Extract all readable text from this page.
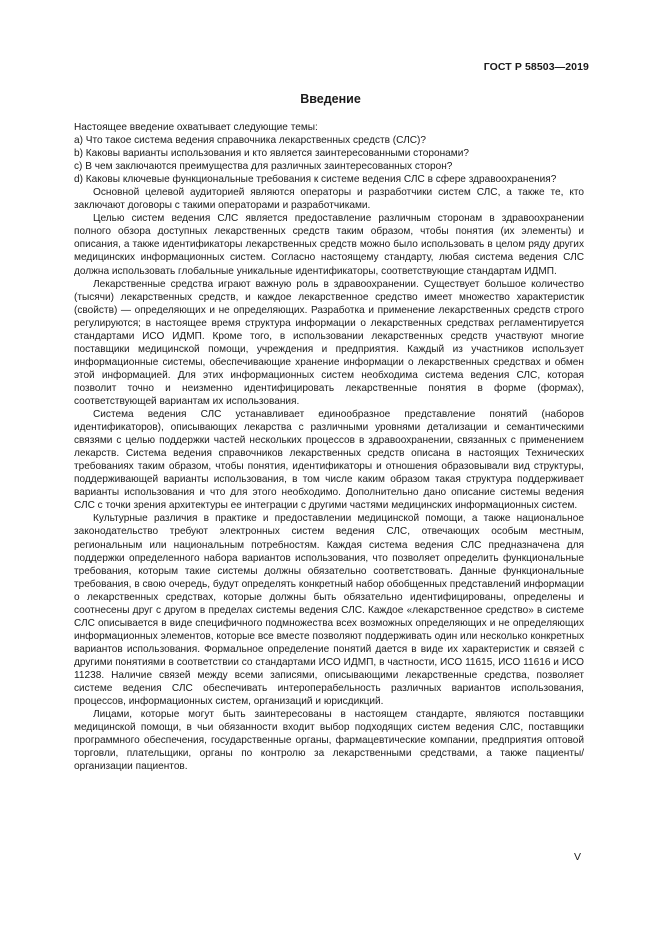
ГОСТ Р 58503—2019
Введение

Настоящее введение охватывает следующие темы:

a) Что такое система ведения справочника лекарственных средств (СЛС)?

b) Каковы варианты использования и кто является заинтересованными сторонами?

c) В чем заключаются преимущества для различных заинтересованных сторон?

d) Каковы ключевые функциональные требования к системе ведения СЛС в сфере здравоохранения?

Основной целевой аудиторией являются операторы и разработчики систем СЛС, а также те, кто заключают договоры с такими операторами и разработчиками.

Целью систем ведения СЛС является предоставление различным сторонам в здравоохранении полного обзора доступных лекарственных средств таким образом, чтобы понятия (их элементы) и описания, а также идентификаторы лекарственных средств можно было использовать в целом ряду других медицинских информационных систем. Согласно настоящему стандарту, любая система ведения СЛС должна использовать глобальные уникальные идентификаторы, соответствующие стандартам ИДМП.

Лекарственные средства играют важную роль в здравоохранении. Существует большое количество (тысячи) лекарственных средств, и каждое лекарственное средство имеет множество характеристик (свойств) — определяющих и не определяющих. Разработка и применение лекарственных средств строго регулируются; в настоящее время структура информации о лекарственных средствах регламентируется стандартами ИСО ИДМП. Кроме того, в использовании лекарственных средств участвуют многие поставщики медицинской помощи, учреждения и предприятия. Каждый из участников использует информационные системы, обеспечивающие хранение информации о лекарственных средствах и обмен этой информацией. Для этих информационных систем необходима система ведения СЛС, которая позволит точно и неизменно идентифицировать лекарственные понятия в форме (формах), соответствующей вариантам их использования.

Система ведения СЛС устанавливает единообразное представление понятий (наборов идентификаторов), описывающих лекарства с различными уровнями детализации и семантическими связями с целью поддержки частей нескольких процессов в здравоохранении, связанных с применением лекарств. Система ведения справочников лекарственных средств описана в настоящих Технических требованиях таким образом, чтобы понятия, идентификаторы и отношения образовывали вид структуры, поддерживающей варианты использования, в том числе каким образом такая структура поддерживает варианты использования и что для этого необходимо. Дополнительно дано описание системы ведения СЛС с точки зрения архитектуры ее интеграции с другими частями медицинских информационных систем.

Культурные различия в практике и предоставлении медицинской помощи, а также национальное законодательство требуют электронных систем ведения СЛС, отвечающих особым местным, региональным или национальным потребностям. Каждая система ведения СЛС предназначена для поддержки определенного набора вариантов использования, что позволяет определить функциональные требования, которым такие системы должны обязательно соответствовать. Данные функциональные требования, в свою очередь, будут определять конкретный набор обобщенных представлений информации о лекарственных средствах, которые должны быть обязательно идентифицированы, определены и соотнесены друг с другом в пределах системы ведения СЛС. Каждое «лекарственное средство» в системе СЛС описывается в виде специфичного подмножества всех возможных определяющих и не определяющих информационных элементов, которые все вместе позволяют поддерживать один или несколько конкретных вариантов использования. Формальное определение понятий дается в виде их характеристик и связей с другими понятиями в соответствии со стандартами ИСО ИДМП, в частности, ИСО 11615, ИСО 11616 и ИСО 11238. Наличие связей между всеми записями, описывающими лекарственные средства, позволяет системе ведения СЛС обеспечивать интероперабельность различных вариантов использования, процессов, информационных систем, организаций и юрисдикций.

Лицами, которые могут быть заинтересованы в настоящем стандарте, являются поставщики медицинской помощи, в чьи обязанности входит выбор подходящих систем ведения СЛС, поставщики программного обеспечения, государственные органы, фармацевтические компании, предприятия оптовой торговли, плательщики, органы по контролю за лекарственными средствами, а также пациенты/организации пациентов.

V
